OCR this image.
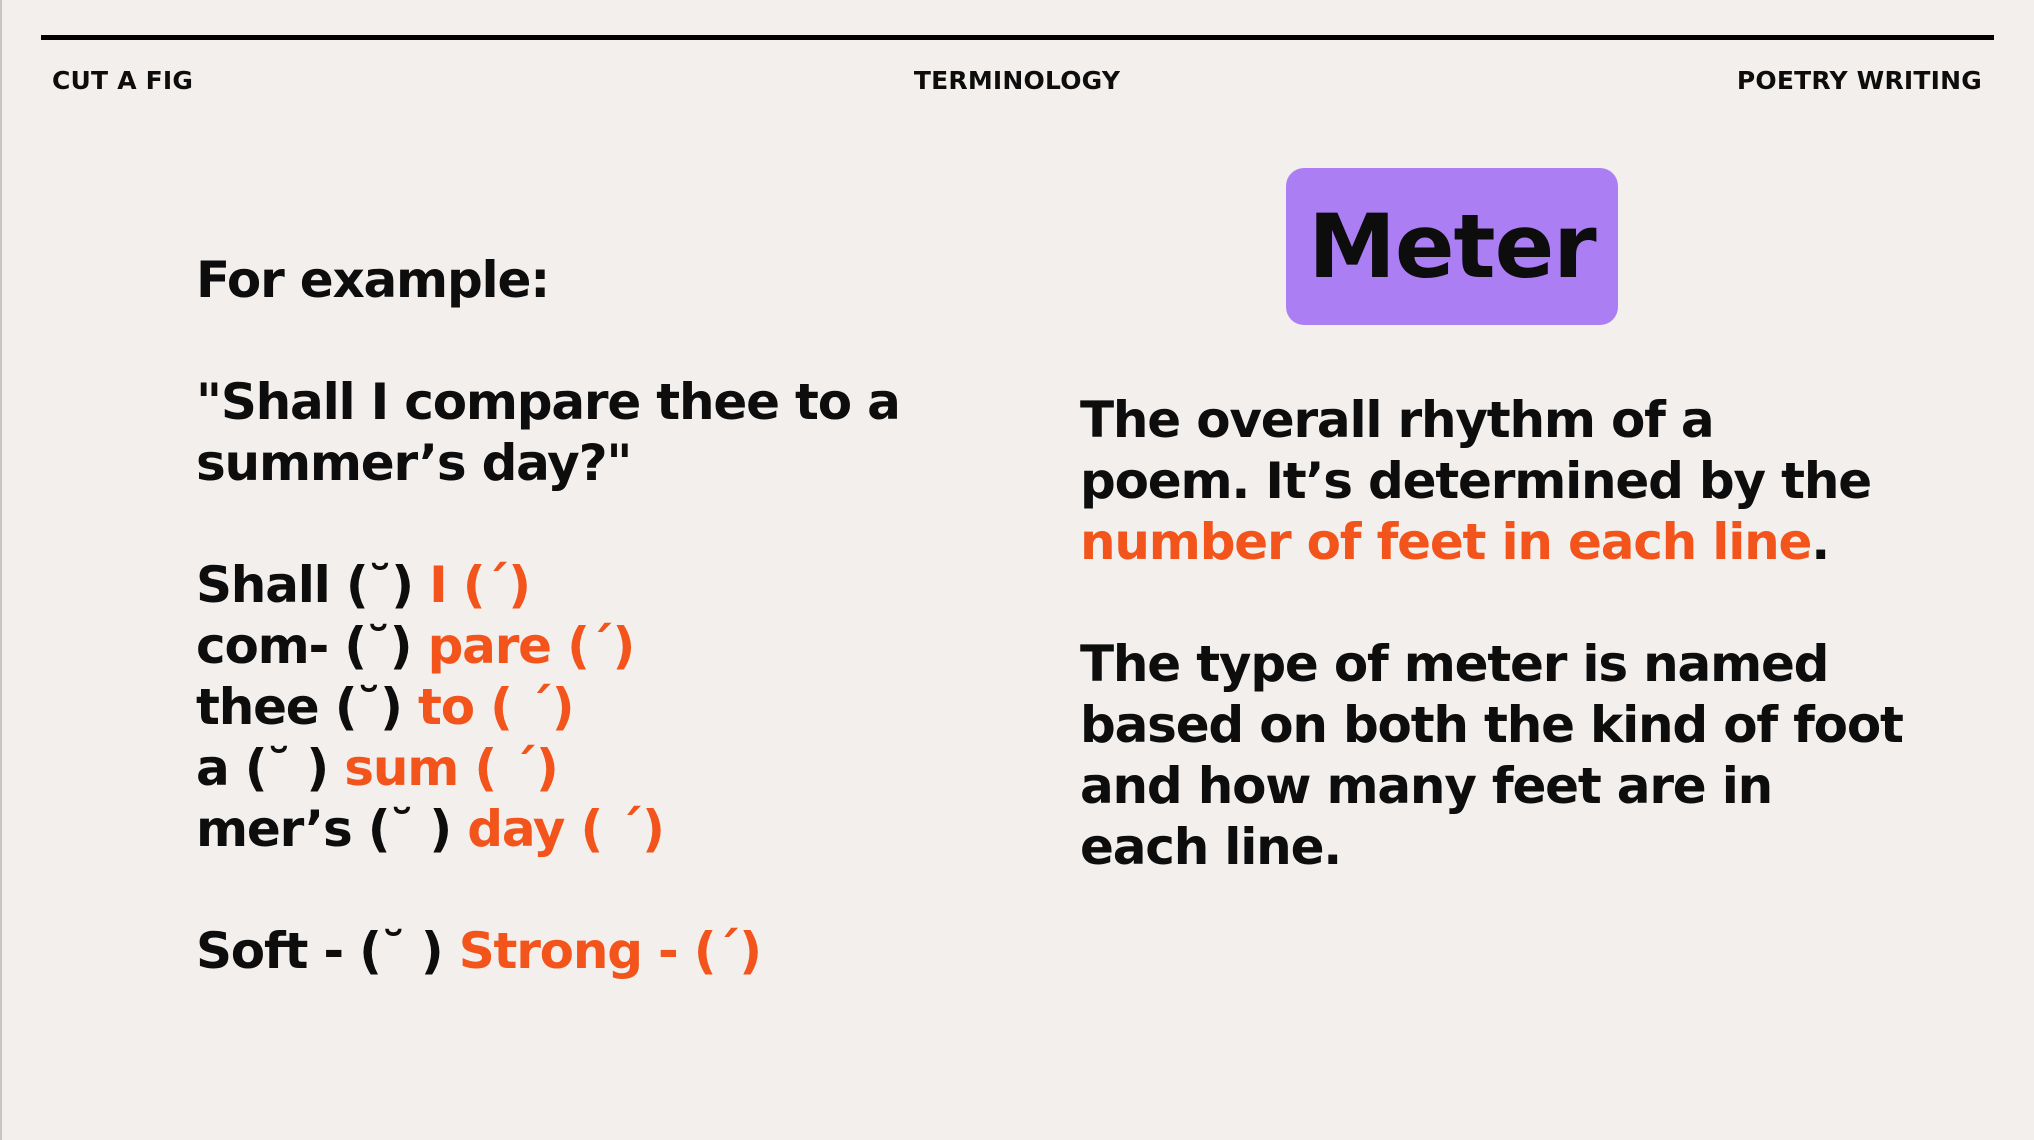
CUT A FIG	TERMINOLOGY	POETRY WRITING
For example:
"Shall I compare thee to a
summer’s day?"
Shall (˘) I (´)
com- (˘) pare (´)
thee (˘) to ( ´)
a (˘ ) sum ( ´)
mer’s (˘ ) day ( ´)
Soft - (˘ ) Strong - (´)
Meter

The overall rhythm of a

poem. It’s determined by the

number of feet in each line.

The type of meter is named

based on both the kind of foot

and how many feet are in

each line.
